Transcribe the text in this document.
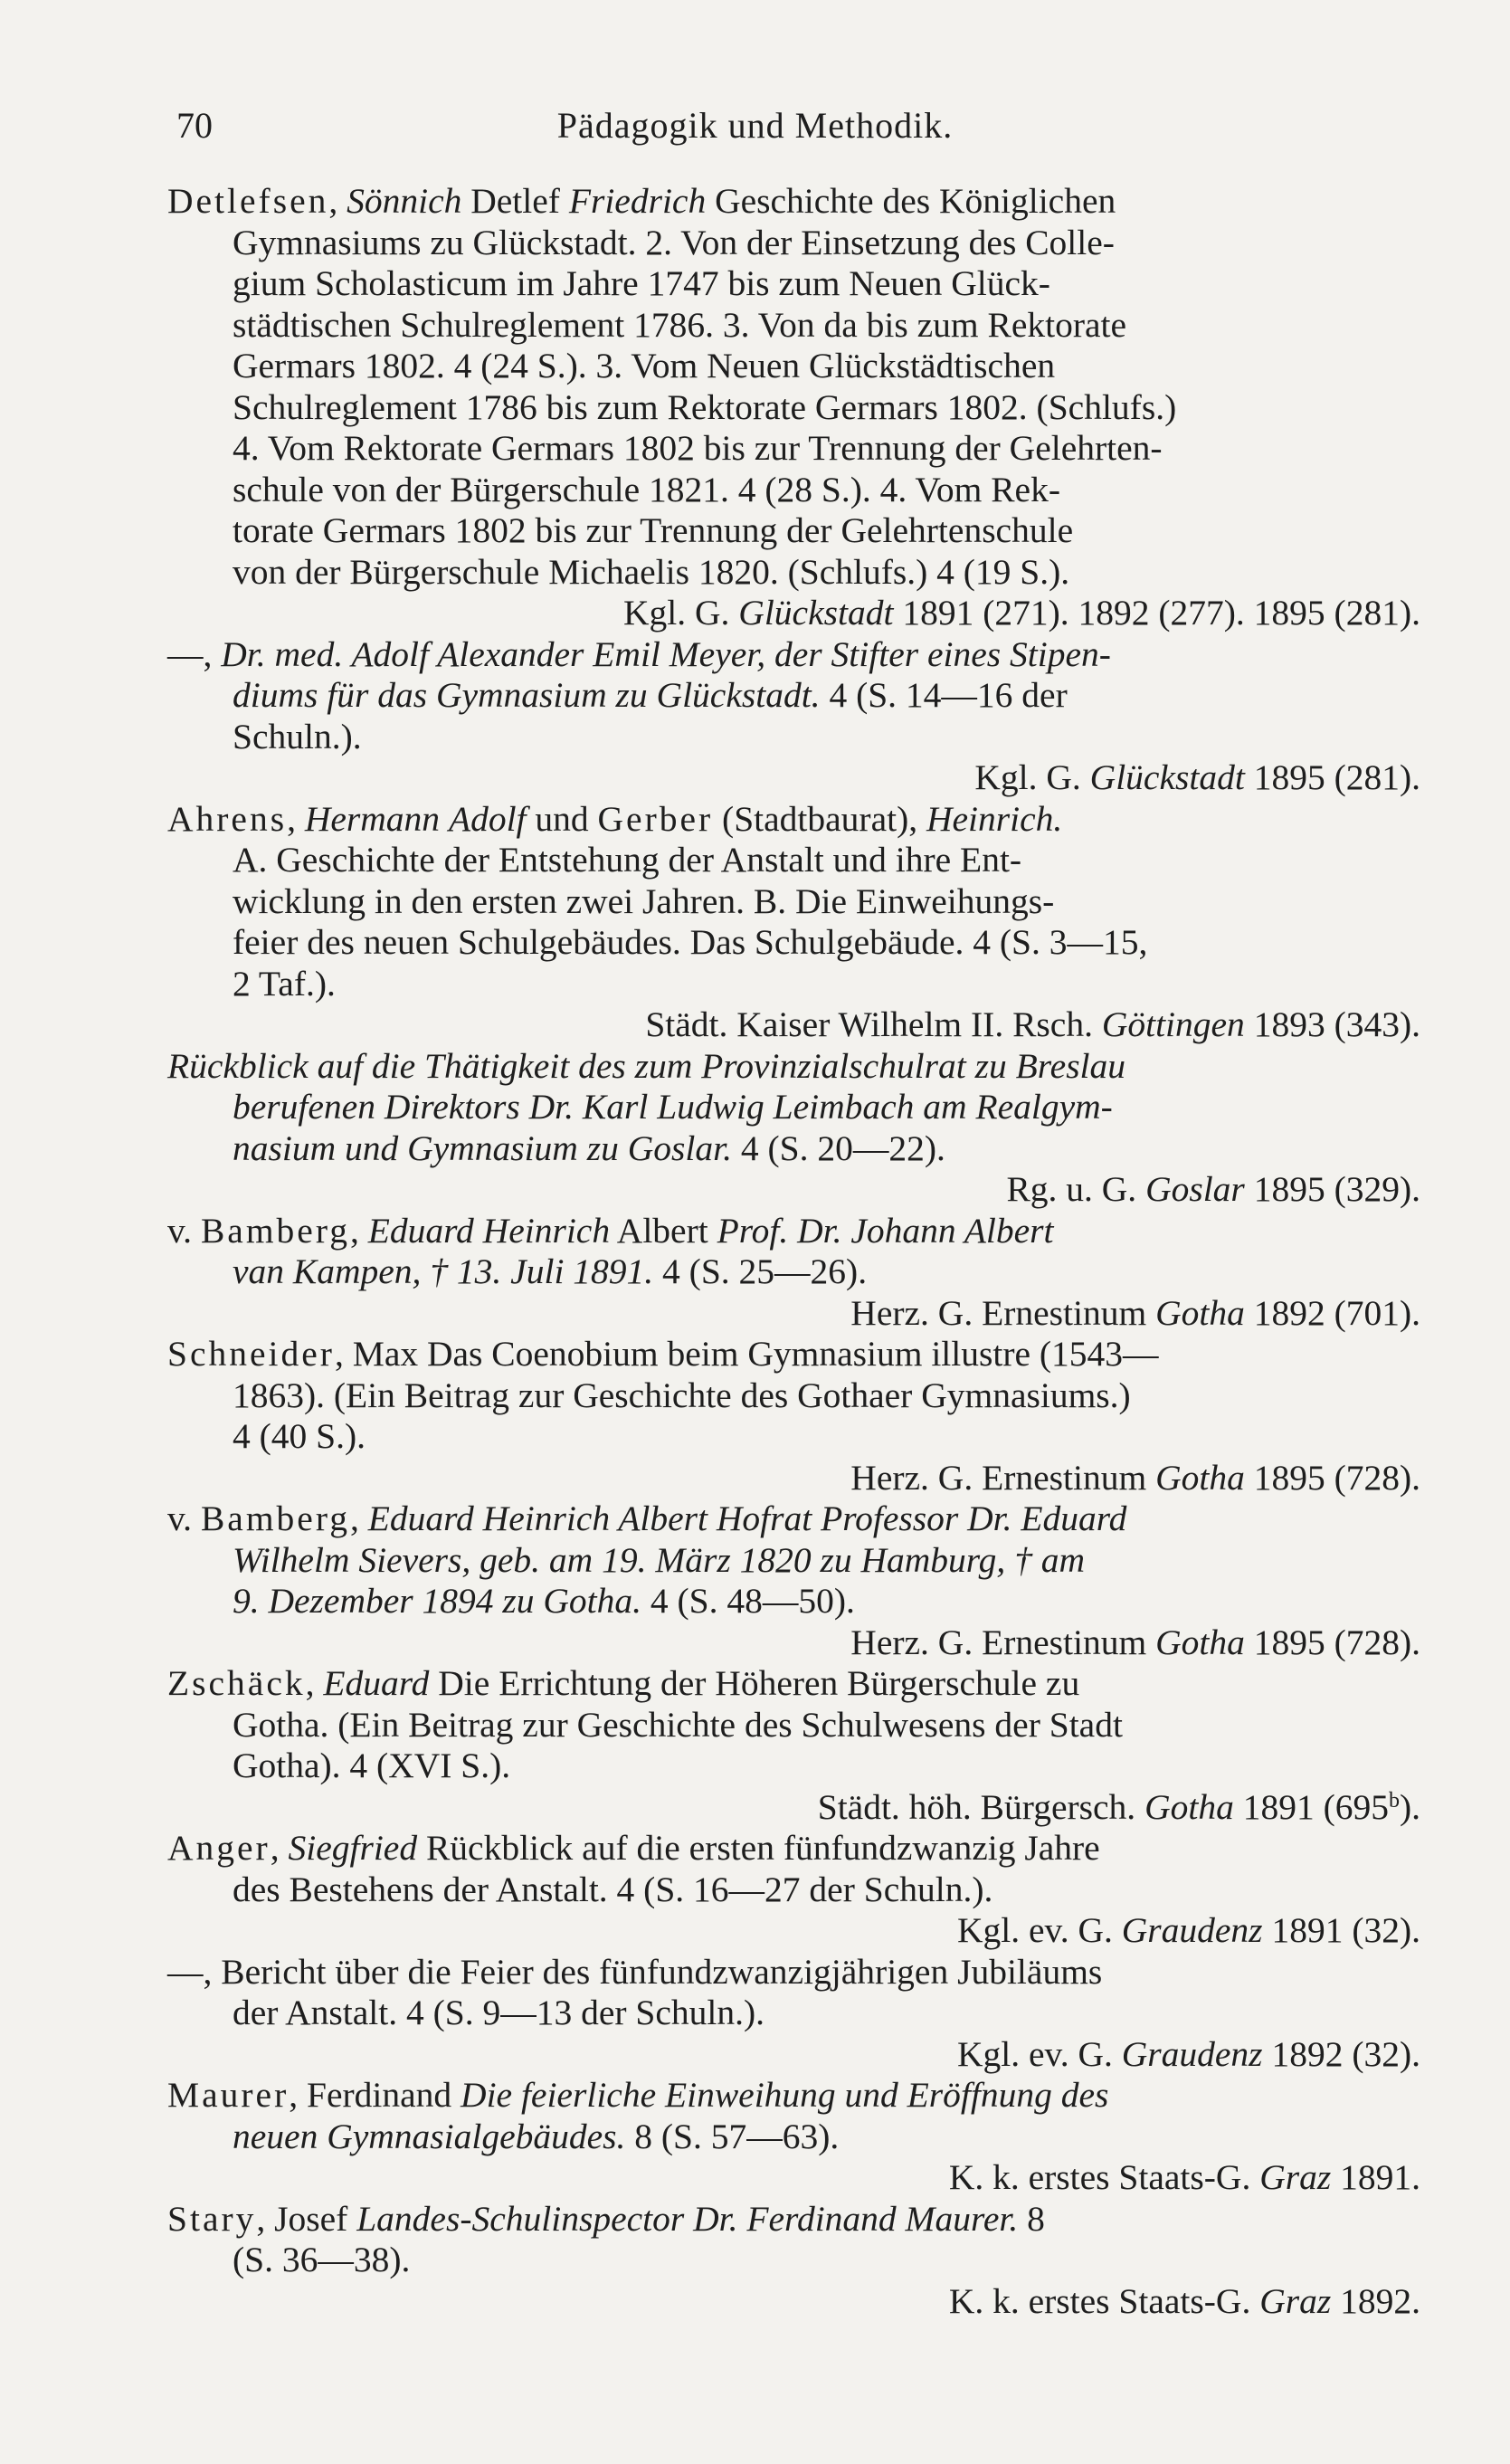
70	Pädagogik und Methodik.
Detlefsen, Sönnich Detlef Friedrich Geschichte des Königlichen
Gymnasiums zu Glückstadt. 2. Von der Einsetzung des Colle-
gium Scholasticum im Jahre 1747 bis zum Neuen Glück-
städtischen Schulreglement 1786. 3. Von da bis zum Rektorate
Germars 1802. 4 (24 S.). 3. Vom Neuen Glückstädtischen
Schulreglement 1786 bis zum Rektorate Germars 1802. (Schlufs.)
4. Vom Rektorate Germars 1802 bis zur Trennung der Gelehrten-
schule von der Bürgerschule 1821. 4 (28 S.). 4. Vom Rek-
torate Germars 1802 bis zur Trennung der Gelehrtenschule
von der Bürgerschule Michaelis 1820. (Schlufs.) 4 (19 S.).
Kgl. G. Glückstadt 1891 (271). 1892 (277). 1895 (281).
—, Dr. med. Adolf Alexander Emil Meyer, der Stifter eines Stipen-
diums für das Gymnasium zu Glückstadt. 4 (S. 14—16 der
Schuln.).
Kgl. G. Glückstadt 1895 (281).
Ahrens, Hermann Adolf und Gerber (Stadtbaurat), Heinrich.
A. Geschichte der Entstehung der Anstalt und ihre Ent-
wicklung in den ersten zwei Jahren. B. Die Einweihungs-
feier des neuen Schulgebäudes. Das Schulgebäude. 4 (S. 3—15,
2 Taf.).
Städt. Kaiser Wilhelm II. Rsch. Göttingen 1893 (343).
Rückblick auf die Thätigkeit des zum Provinzialschulrat zu Breslau
berufenen Direktors Dr. Karl Ludwig Leimbach am Realgym-
nasium und Gymnasium zu Goslar. 4 (S. 20—22).
Rg. u. G. Goslar 1895 (329).
v. Bamberg, Eduard Heinrich Albert Prof. Dr. Johann Albert
van Kampen, † 13. Juli 1891. 4 (S. 25—26).
Herz. G. Ernestinum Gotha 1892 (701).
Schneider, Max Das Coenobium beim Gymnasium illustre (1543—
1863). (Ein Beitrag zur Geschichte des Gothaer Gymnasiums.)
4 (40 S.).
Herz. G. Ernestinum Gotha 1895 (728).
v. Bamberg, Eduard Heinrich Albert Hofrat Professor Dr. Eduard
Wilhelm Sievers, geb. am 19. März 1820 zu Hamburg, † am
9. Dezember 1894 zu Gotha. 4 (S. 48—50).
Herz. G. Ernestinum Gotha 1895 (728).
Zschäck, Eduard Die Errichtung der Höheren Bürgerschule zu
Gotha. (Ein Beitrag zur Geschichte des Schulwesens der Stadt
Gotha). 4 (XVI S.).
Städt. höh. Bürgersch. Gotha 1891 (695$^b$).
Anger, Siegfried Rückblick auf die ersten fünfundzwanzig Jahre
des Bestehens der Anstalt. 4 (S. 16—27 der Schuln.).
Kgl. ev. G. Graudenz 1891 (32).
—, Bericht über die Feier des fünfundzwanzigjährigen Jubiläums
der Anstalt. 4 (S. 9—13 der Schuln.).
Kgl. ev. G. Graudenz 1892 (32).
Maurer, Ferdinand Die feierliche Einweihung und Eröffnung des
neuen Gymnasialgebäudes. 8 (S. 57—63).
K. k. erstes Staats-G. Graz 1891.
Stary, Josef Landes-Schulinspector Dr. Ferdinand Maurer. 8
(S. 36—38).
K. k. erstes Staats-G. Graz 1892.
